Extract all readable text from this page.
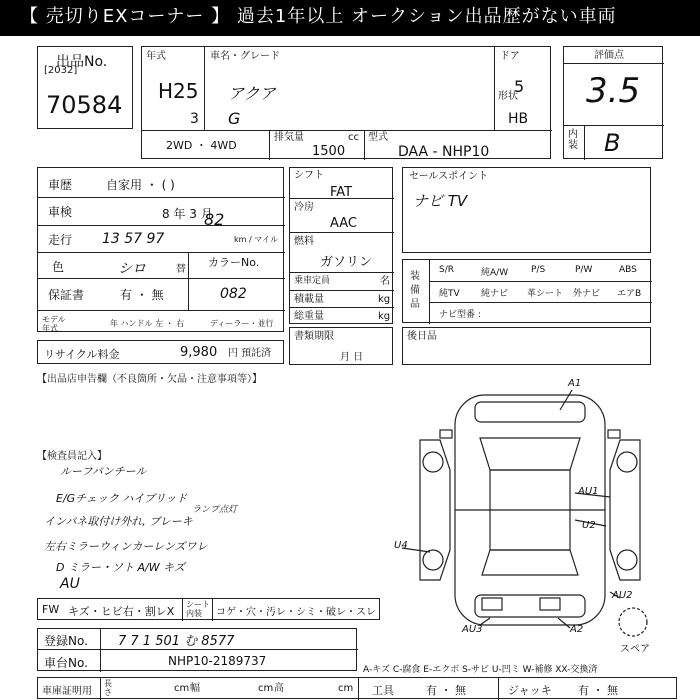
【 売切りEXコーナー 】 過去1年以上 オークション出品歴がない車両
出品No.
[2032]
70584
年式
H25
3
車名・グレード
アクア
G
ドア
5
形状
HB
2WD ・ 4WD
排気量	cc
1500
型式
DAA - NHP10
評価点
3.5
内装 B
車歴	自家用 ・ ( )
車検	8 年 3 月
走行 13 57 97
82
km / マイル
色	シロ	替
カラーNo.
082
保証書	有 ・ 無
モデル年式
年 ハンドル 左 ・ 右	ディーラー・並行
リサイクル料金	9,980 円 預託済
シフト
FAT
冷房
AAC
燃料
ガソリン
乗車定員	名
積載量	kg
総重量	kg
書類期限
月 日
セールスポイント
ナビ TV
装備品
S/R	純A/W	P/S	P/W	ABS
純TV 純ナビ 革シート 外ナビ エアB
ナビ型番 :
後日品
【出品店申告欄（不良箇所・欠品・注意事項等）】
【検査員記入】
ルーフパンチール
E/Gチェック ハイブリッド
インパネ取付け外れ, ブレーキ
左右ミラーウィンカーレンズワレ
D ミラー・ソト A/W キズ
AU
ランプ点灯
FW キズ・ヒビ右・割レX
シート内装	コゲ・穴・汚レ・シミ・破レ・スレ
登録No. 7 7 1 501 む 8577
車台No.	NHP10-2189737
A-キズ C-腐食 E-エクボ S-サビ U-凹ミ W-補修 XX-交換済
車庫証明用
長さ	cm 幅	cm 高	cm 工具	有 ・ 無	ジャッキ 有 ・ 無
A1
AU1
U2
U4
AU2
AU3	A2
スペア
